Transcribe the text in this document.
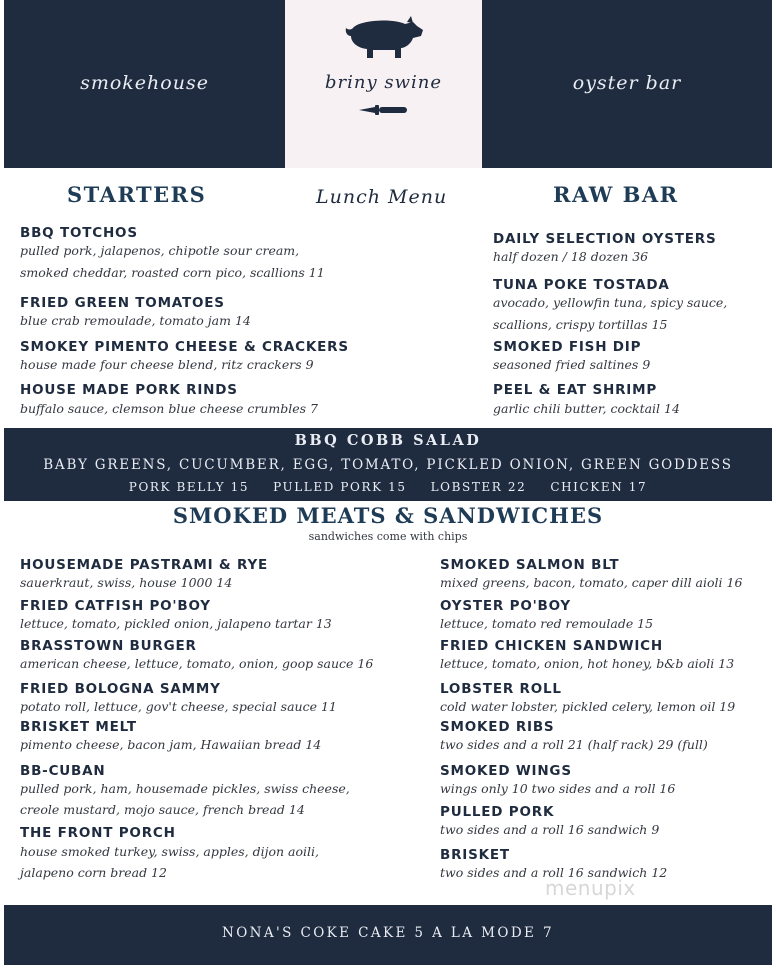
smokehouse	briny swine	oyster bar
STARTERS	Lunch Menu	RAW BAR
BBQ TOTCHOS
pulled pork, jalapenos, chipotle sour cream,
smoked cheddar, roasted corn pico, scallions 11
FRIED GREEN TOMATOES
blue crab remoulade, tomato jam 14
SMOKEY PIMENTO CHEESE & CRACKERS
house made four cheese blend, ritz crackers 9
HOUSE MADE PORK RINDS
buffalo sauce, clemson blue cheese crumbles 7
DAILY SELECTION OYSTERS
half dozen / 18 dozen 36
TUNA POKE TOSTADA
avocado, yellowfin tuna, spicy sauce,
scallions, crispy tortillas 15
SMOKED FISH DIP
seasoned fried saltines 9
PEEL & EAT SHRIMP
garlic chili butter, cocktail 14
BBQ COBB SALAD
BABY GREENS, CUCUMBER, EGG, TOMATO, PICKLED ONION, GREEN GODDESS
PORK BELLY 15 PULLED PORK 15 LOBSTER 22 CHICKEN 17
SMOKED MEATS & SANDWICHES
sandwiches come with chips
HOUSEMADE PASTRAMI & RYE
sauerkraut, swiss, house 1000 14
FRIED CATFISH PO'BOY
lettuce, tomato, pickled onion, jalapeno tartar 13
BRASSTOWN BURGER
american cheese, lettuce, tomato, onion, goop sauce 16
FRIED BOLOGNA SAMMY
potato roll, lettuce, gov't cheese, special sauce 11
BRISKET MELT
pimento cheese, bacon jam, Hawaiian bread 14
BB-CUBAN
pulled pork, ham, housemade pickles, swiss cheese,
creole mustard, mojo sauce, french bread 14
THE FRONT PORCH
house smoked turkey, swiss, apples, dijon aoili,
jalapeno corn bread 12
SMOKED SALMON BLT
mixed greens, bacon, tomato, caper dill aioli 16
OYSTER PO'BOY
lettuce, tomato red remoulade 15
FRIED CHICKEN SANDWICH
lettuce, tomato, onion, hot honey, b&b aioli 13
LOBSTER ROLL
cold water lobster, pickled celery, lemon oil 19
SMOKED RIBS
two sides and a roll 21 (half rack) 29 (full)
SMOKED WINGS
wings only 10 two sides and a roll 16
PULLED PORK
two sides and a roll 16 sandwich 9
BRISKET
two sides and a roll 16 sandwich 12
menupix
NONA'S COKE CAKE 5 A LA MODE 7
